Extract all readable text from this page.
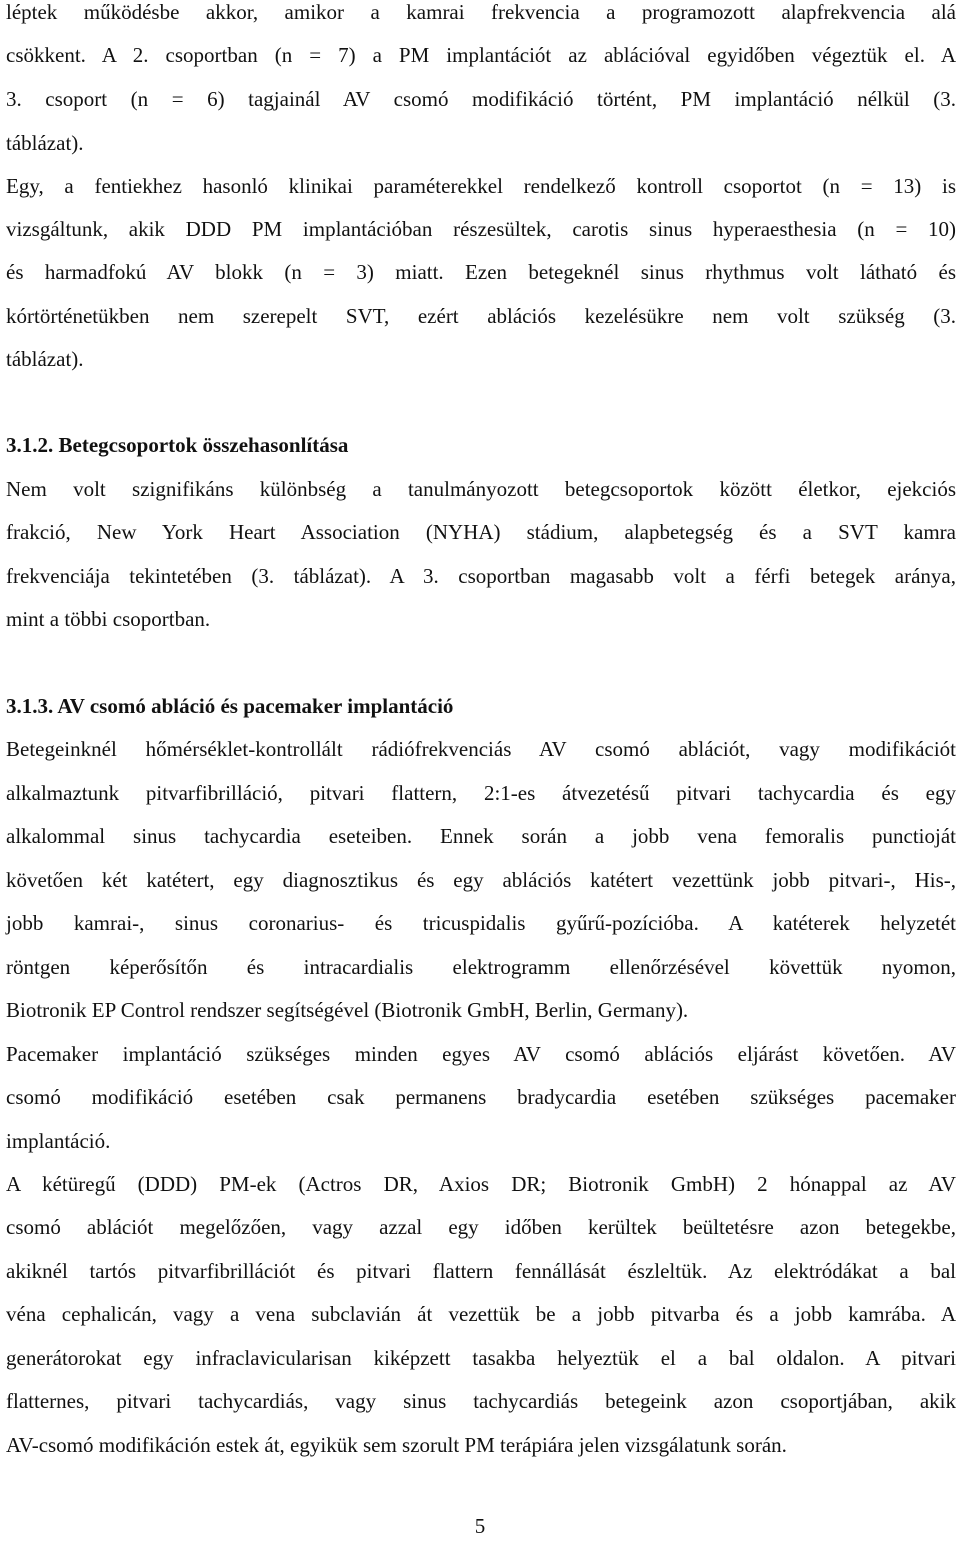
léptek működésbe akkor, amikor a kamrai frekvencia a programozott alapfrekvencia alá
csökkent. A 2. csoportban (n = 7) a PM implantációt az ablációval egyidőben végeztük el. A
3. csoport (n = 6) tagjainál AV csomó modifikáció történt, PM implantáció nélkül (3.
táblázat).
Egy, a fentiekhez hasonló klinikai paraméterekkel rendelkező kontroll csoportot (n = 13) is
vizsgáltunk, akik DDD PM implantációban részesültek, carotis sinus hyperaesthesia (n = 10)
és harmadfokú AV blokk (n = 3) miatt. Ezen betegeknél sinus rhythmus volt látható és
kórtörténetükben nem szerepelt SVT, ezért ablációs kezelésükre nem volt szükség (3.
táblázat).
3.1.2. Betegcsoportok összehasonlítása
Nem volt szignifikáns különbség a tanulmányozott betegcsoportok között életkor, ejekciós
frakció, New York Heart Association (NYHA) stádium, alapbetegség és a SVT kamra
frekvenciája tekintetében (3. táblázat). A 3. csoportban magasabb volt a férfi betegek aránya,
mint a többi csoportban.
3.1.3. AV csomó abláció és pacemaker implantáció
Betegeinknél hőmérséklet-kontrollált rádiófrekvenciás AV csomó ablációt, vagy modifikációt
alkalmaztunk pitvarfibrilláció, pitvari flattern, 2:1-es átvezetésű pitvari tachycardia és egy
alkalommal sinus tachycardia eseteiben. Ennek során a jobb vena femoralis punctioját
követően két katétert, egy diagnosztikus és egy ablációs katétert vezettünk jobb pitvari-, His-,
jobb kamrai-, sinus coronarius- és tricuspidalis gyűrű-pozícióba. A katéterek helyzetét
röntgen képerősítőn és intracardialis elektrogramm ellenőrzésével követtük nyomon,
Biotronik EP Control rendszer segítségével (Biotronik GmbH, Berlin, Germany).
Pacemaker implantáció szükséges minden egyes AV csomó ablációs eljárást követően. AV
csomó modifikáció esetében csak permanens bradycardia esetében szükséges pacemaker
implantáció.
A kétüregű (DDD) PM-ek (Actros DR, Axios DR; Biotronik GmbH) 2 hónappal az AV
csomó ablációt megelőzően, vagy azzal egy időben kerültek beültetésre azon betegekbe,
akiknél tartós pitvarfibrillációt és pitvari flattern fennállását észleltük. Az elektródákat a bal
véna cephalicán, vagy a vena subclavián át vezettük be a jobb pitvarba és a jobb kamrába. A
generátorokat egy infraclavicularisan kiképzett tasakba helyeztük el a bal oldalon. A pitvari
flatternes, pitvari tachycardiás, vagy sinus tachycardiás betegeink azon csoportjában, akik
AV-csomó modifikáción estek át, egyikük sem szorult PM terápiára jelen vizsgálatunk során.
5
